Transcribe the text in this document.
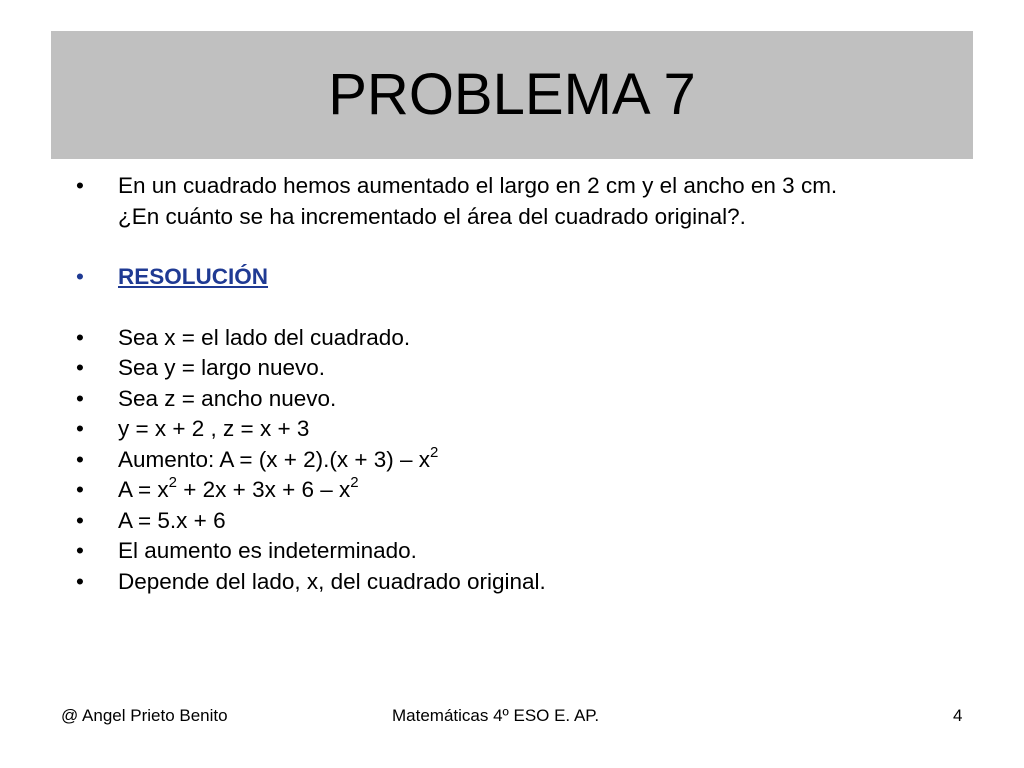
PROBLEMA 7
•	En un cuadrado hemos aumentado el largo en 2 cm y el ancho en 3 cm.
¿En cuánto se ha incrementado el área del cuadrado original?.
•	RESOLUCIÓN
•	Sea x = el lado del cuadrado.
•	Sea y = largo nuevo.
•	Sea z = ancho nuevo.
•	y = x + 2 , z = x + 3
•	Aumento: $A = (x + 2).(x + 3) - x^2$
•	$A = x^2 + 2x + 3x + 6 - x^2$
•	A = 5.x + 6
•	El aumento es indeterminado.
•	Depende del lado, x, del cuadrado original.
@ Angel Prieto Benito	Matemáticas 4º ESO E. AP.	4
